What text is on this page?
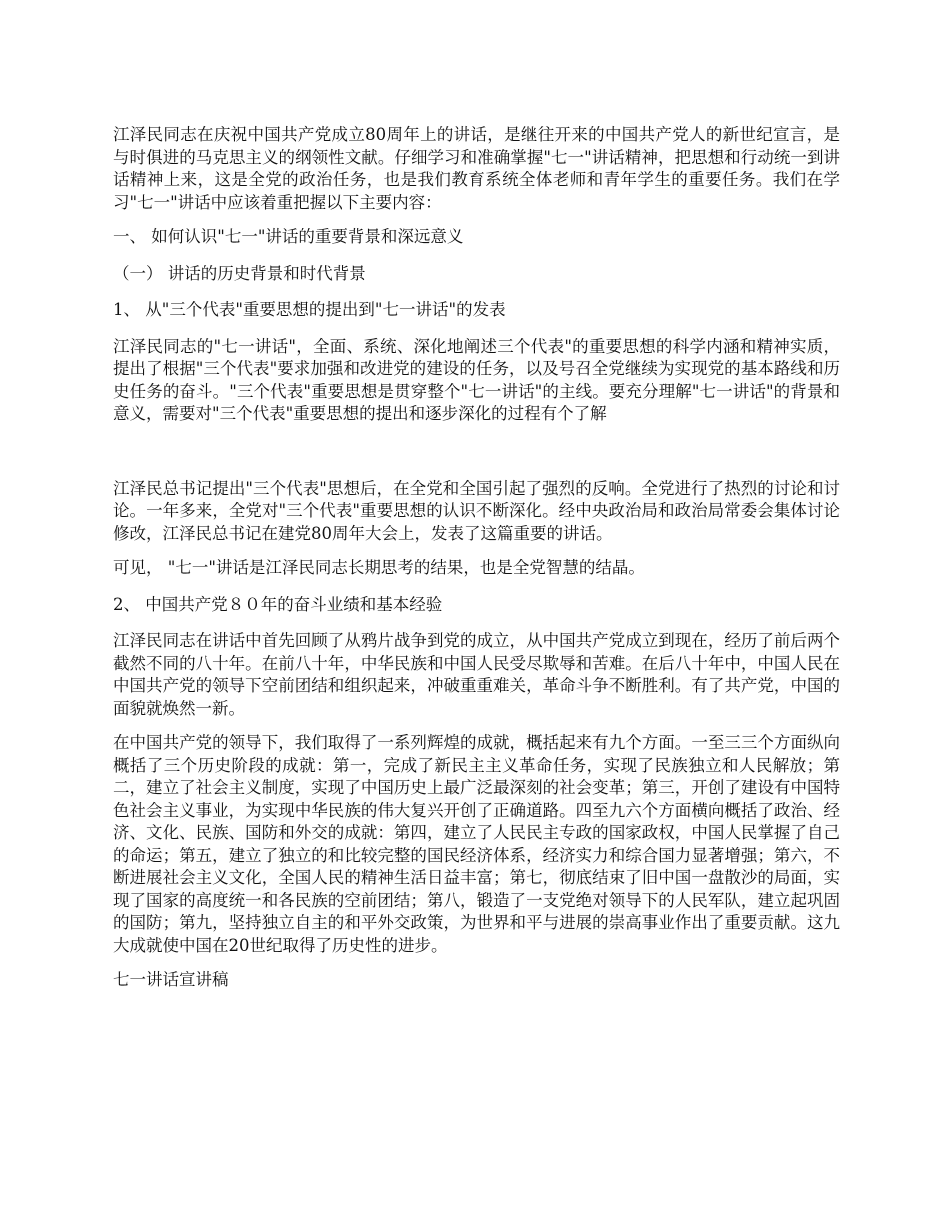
江泽民同志在庆祝中国共产党成立80周年上的讲话，是继往开来的中国共产党人的新世纪宣言，是与时俱进的马克思主义的纲领性文献。仔细学习和准确掌握"七一"讲话精神，把思想和行动统一到讲话精神上来，这是全党的政治任务，也是我们教育系统全体老师和青年学生的重要任务。我们在学习"七一"讲话中应该着重把握以下主要内容：

一、 如何认识"七一"讲话的重要背景和深远意义

（一） 讲话的历史背景和时代背景

1、 从"三个代表"重要思想的提出到"七一讲话"的发表

江泽民同志的"七一讲话"，全面、系统、深化地阐述三个代表"的重要思想的科学内涵和精神实质，提出了根据"三个代表"要求加强和改进党的建设的任务，以及号召全党继续为实现党的基本路线和历史任务的奋斗。"三个代表"重要思想是贯穿整个"七一讲话"的主线。要充分理解"七一讲话"的背景和意义，需要对"三个代表"重要思想的提出和逐步深化的过程有个了解

江泽民总书记提出"三个代表"思想后，在全党和全国引起了强烈的反响。全党进行了热烈的讨论和讨论。一年多来，全党对"三个代表"重要思想的认识不断深化。经中央政治局和政治局常委会集体讨论修改，江泽民总书记在建党80周年大会上，发表了这篇重要的讲话。

可见， "七一"讲话是江泽民同志长期思考的结果，也是全党智慧的结晶。

2、 中国共产党８０年的奋斗业绩和基本经验

江泽民同志在讲话中首先回顾了从鸦片战争到党的成立，从中国共产党成立到现在，经历了前后两个截然不同的八十年。在前八十年，中华民族和中国人民受尽欺辱和苦难。在后八十年中，中国人民在中国共产党的领导下空前团结和组织起来，冲破重重难关，革命斗争不断胜利。有了共产党，中国的面貌就焕然一新。

在中国共产党的领导下，我们取得了一系列辉煌的成就，概括起来有九个方面。一至三三个方面纵向概括了三个历史阶段的成就：第一，完成了新民主主义革命任务，实现了民族独立和人民解放；第二，建立了社会主义制度，实现了中国历史上最广泛最深刻的社会变革；第三，开创了建设有中国特色社会主义事业，为实现中华民族的伟大复兴开创了正确道路。四至九六个方面横向概括了政治、经济、文化、民族、国防和外交的成就：第四，建立了人民民主专政的国家政权，中国人民掌握了自己的命运；第五，建立了独立的和比较完整的国民经济体系，经济实力和综合国力显著增强；第六，不断进展社会主义文化，全国人民的精神生活日益丰富；第七，彻底结束了旧中国一盘散沙的局面，实现了国家的高度统一和各民族的空前团结；第八，锻造了一支党绝对领导下的人民军队，建立起巩固的国防；第九，坚持独立自主的和平外交政策，为世界和平与进展的崇高事业作出了重要贡献。这九大成就使中国在20世纪取得了历史性的进步。

七一讲话宣讲稿
